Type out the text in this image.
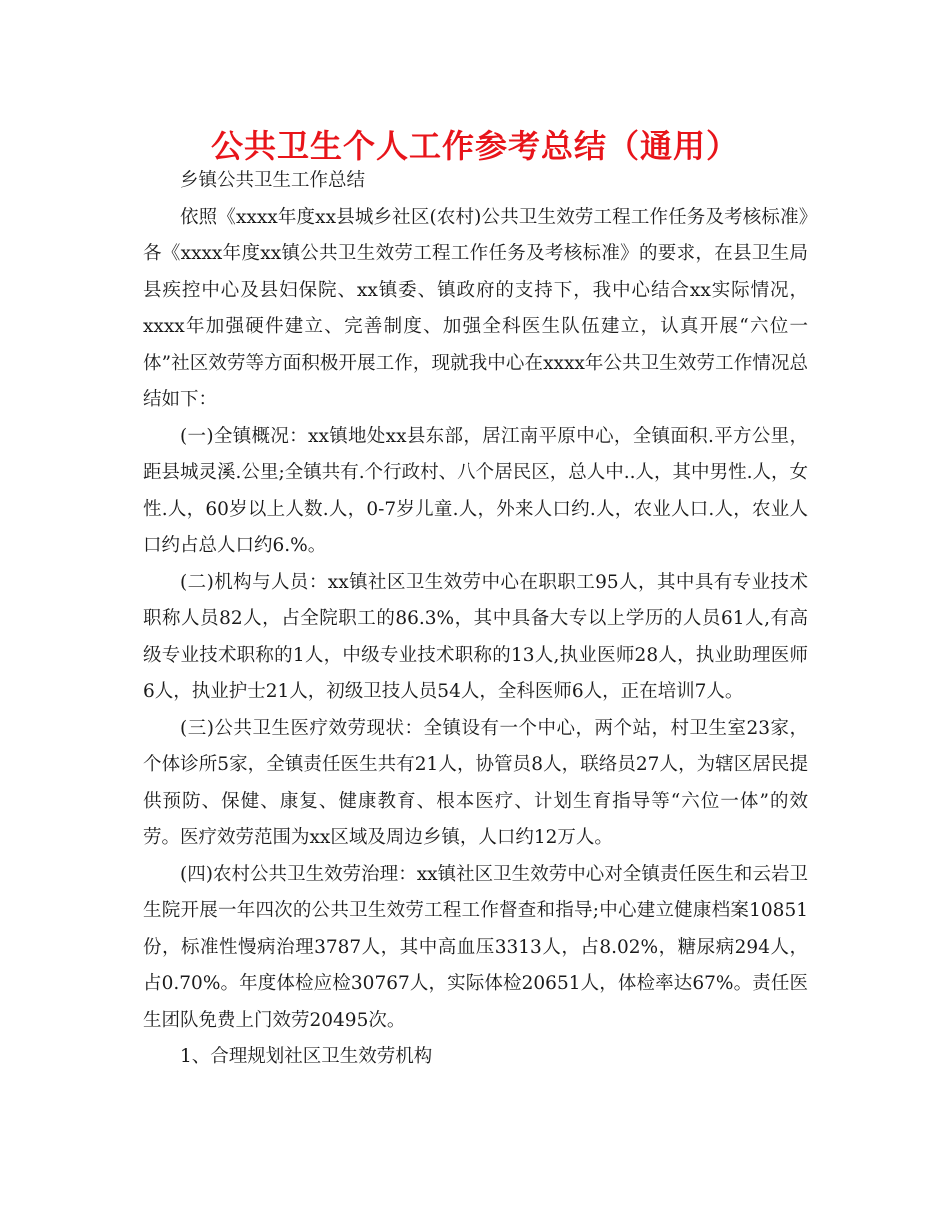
公共卫生个人工作参考总结（通用）

乡镇公共卫生工作总结

依照《xxxx年度xx县城乡社区(农村)公共卫生效劳工程工作任务及考核标准》各《xxxx年度xx镇公共卫生效劳工程工作任务及考核标准》的要求，在县卫生局县疾控中心及县妇保院、xx镇委、镇政府的支持下，我中心结合xx实际情况，xxxx年加强硬件建立、完善制度、加强全科医生队伍建立，认真开展“六位一体”社区效劳等方面积极开展工作，现就我中心在xxxx年公共卫生效劳工作情况总结如下：

(一)全镇概况：xx镇地处xx县东部，居江南平原中心，全镇面积.平方公里，距县城灵溪.公里;全镇共有.个行政村、八个居民区，总人中..人，其中男性.人，女性.人，60岁以上人数.人，0-7岁儿童.人，外来人口约.人，农业人口.人，农业人口约占总人口约6.%。

(二)机构与人员：xx镇社区卫生效劳中心在职职工95人，其中具有专业技术职称人员82人，占全院职工的86.3%，其中具备大专以上学历的人员61人,有高级专业技术职称的1人，中级专业技术职称的13人,执业医师28人，执业助理医师6人，执业护士21人，初级卫技人员54人，全科医师6人，正在培训7人。

(三)公共卫生医疗效劳现状：全镇设有一个中心，两个站，村卫生室23家，个体诊所5家，全镇责任医生共有21人，协管员8人，联络员27人，为辖区居民提供预防、保健、康复、健康教育、根本医疗、计划生育指导等“六位一体”的效劳。医疗效劳范围为xx区域及周边乡镇，人口约12万人。

(四)农村公共卫生效劳治理：xx镇社区卫生效劳中心对全镇责任医生和云岩卫生院开展一年四次的公共卫生效劳工程工作督查和指导;中心建立健康档案10851份，标准性慢病治理3787人，其中高血压3313人，占8.02%，糖尿病294人，占0.70%。年度体检应检30767人，实际体检20651人，体检率达67%。责任医生团队免费上门效劳20495次。

1、合理规划社区卫生效劳机构
